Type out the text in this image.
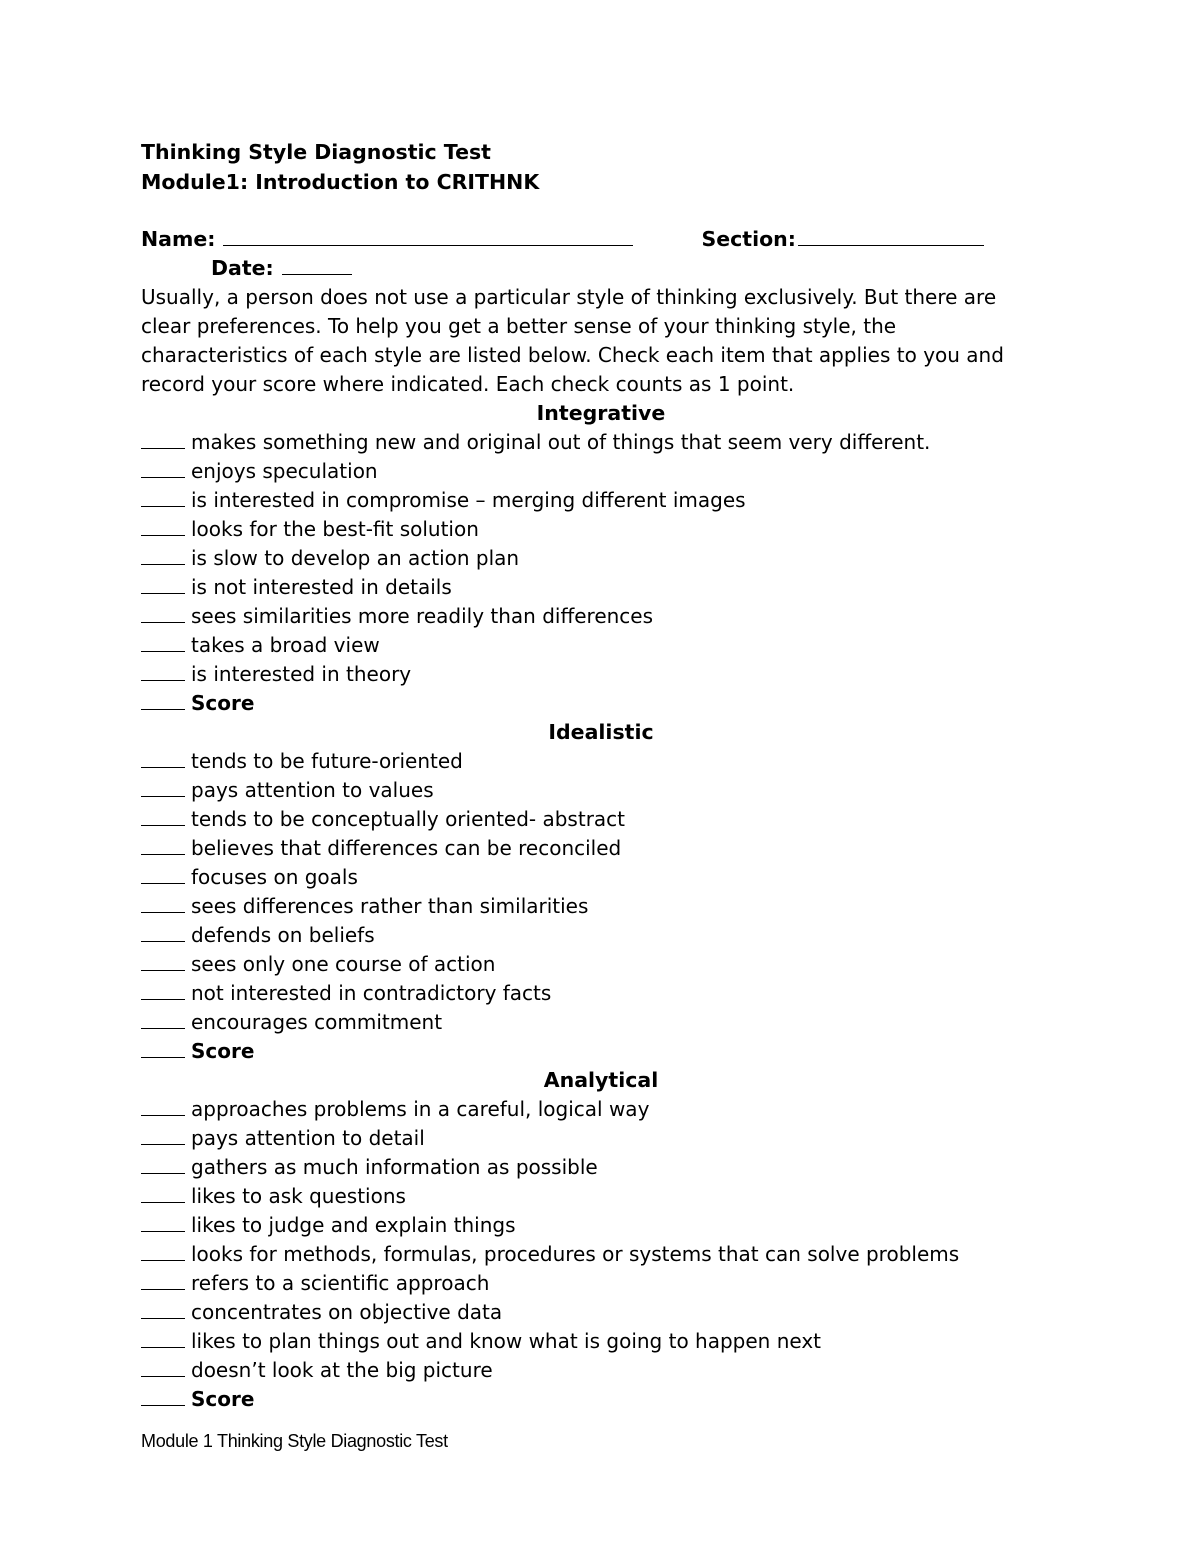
Thinking Style Diagnostic Test
Module1: Introduction to CRITHNK
Name:	Section:
Date:
Usually, a person does not use a particular style of thinking exclusively. But there are clear preferences. To help you get a better sense of your thinking style, the characteristics of each style are listed below. Check each item that applies to you and record your score where indicated. Each check counts as 1 point.
Integrative
makes something new and original out of things that seem very different.
enjoys speculation
is interested in compromise – merging different images
looks for the best-fit solution
is slow to develop an action plan
is not interested in details
sees similarities more readily than differences
takes a broad view
is interested in theory
Score
Idealistic
tends to be future-oriented
pays attention to values
tends to be conceptually oriented- abstract
believes that differences can be reconciled
focuses on goals
sees differences rather than similarities
defends on beliefs
sees only one course of action
not interested in contradictory facts
encourages commitment
Score
Analytical
approaches problems in a careful, logical way
pays attention to detail
gathers as much information as possible
likes to ask questions
likes to judge and explain things
looks for methods, formulas, procedures or systems that can solve problems
refers to a scientific approach
concentrates on objective data
likes to plan things out and know what is going to happen next
doesn’t look at the big picture
Score
Module 1 Thinking Style Diagnostic Test
